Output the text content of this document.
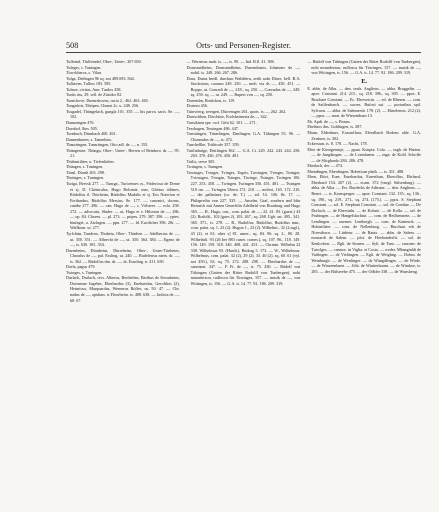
508	Orts- und Personen-Register.

Tulfeind, Tfulfeindel, Ober-, Unter-, 207.650.

Tuleges, s. Tuningen.

Tüwchheros, s. Vilau.

Tulga, Dedingen 96 sq. not 489.693. 844.

Tulhaven, Tulhos 183. 585.

Tulnoe, civitas, Ann. Tunlox 458.

Tunlo üss, 29. sell. de Züsidor 82.

Tuenchove, Duenrshoven, curia 2., 462. 463. 465.

Tungedoir, Tiböpen, Chneat 2c. u. 248. 256.

Tusgadel, Thüngelach, gungla 101. 355. — his parva. sacis. 8e. —, 102.

Dannoingen 476.

Dornhof, 8im. 505.

Turnbach, Dürnbach 400. 461.

Dannenhusen, s. Tannehim.

Thaurtingen, Tunsrtingen, Otto adl. de —, n. 155.

Thüngenise, Thüngu, Ober-, Unter-, Herren of Reinhow ds —, 95. 21.

Thühnstiltier, u. Tiefenhöfen.

Thüngen, s. Tuningen.

Tünsl, Dürnlt 265. 298.

Thrönges, s. Tuningen.

Turiga, Bervsk 277. — Tunrga., Turicenses cs., Fridericus de Dome et sj. D. Chötnrulus, Hugo Bolcmüt. mer, Glörius tölünes, Rüdolfus tl. Thörheim, Rüdolfus Madalis et sj. Eos Noterion et Forthardus, Rüdolfus Mersius, 8e. 177. — canonici, chorus, canibe 277. 286. — can. Hugo de —, s. Völsteer. — ecla. 258. 272. — advocatu, Sluder. — ut, Hugo et v. Hilseton de —, 28b. — op. 84. Choreu. — pl. 273. — pripes. 279. 387. 396. — yptes. hinfaget, a. Zarlugen. — ppn. 277. — ld. Eucdicher 396. 28r. — Wallborn. ut. 277.

Tyrfchün, Tundren, Thubeta, Ober-, Thürhen — Adelhertus de —, ut. 350. 351. — Albrecht de —, ut. 350. 364. 384. — Egeno de —, ts. 630. 381. 354.

Durenheim, Dürnheim, Dürreheim, Ober-, Unter-Türtheim, Chroalus de —, pul. Essling. ut. 240. — Rudelerrus mein. dr. —, ts. 362. — Rüdolfus dm. dr. —, dr. Essuling. n. 411. 650.

Dorla, pagus 479.

Twinges, s. Tuningen.

Durlach, Durlach, civs. Alberus, Berthelins, Berthus de Strsusheim, Dormense Ingeber, Eberhardus (3), Eneharidus, Gerolthos (2), Heinricus, Marquardus, Wernerus Röffer, us. 50. 47. — Chr. nadus de —, opidum. ts Floorheim. ts. 488. 638. — Judicia de —, 68. 67.

— Wernerus mulr. ts. —, ts. 90. — Ind. R.ll. 41. 386.

Dornsmidheim, Durnsmidheim, Duremthaim, Johannes de —, nobil. ts. 248. 266. 267. 286.

Dura, Dums Inedl. durchun Walddern, zedit aufn Dürre, bell. B.A. Stockstorn, caorum 249. 250. — moh. via ds —, 450. 451. — Boppo, ut. Conradi de —, 218., sq. 250. — Conradus de —, 249. sq. 250. sq. — ut. 249. — Rupert von —, sq. 250.

Durensbn, Bottickon, is. 119.

Dortern 456.

Tuinvöerg, nvergen, Dürrensgen 261, quots. ts —, 262. 262.

Durrschhen, Dörchüse, Erolsheimerta de—, 342.

Tunsilaten spe. cscl. Gtfn 62. 101. — 271.

Tessbagen, Tessingen 486. 447.

Tunstängen, Tünerlingen, Danlingen, G.A. Tübingen 55. 96. — Chunradus de —, ts. 472.

Tunchellbe, Trübicafe 357. 359.

Tuttlinhuige, Dettlingen 362. — G.A. Ct. 229. 242. 243. 244. 258. 263. 370. 436. 476. 450. 481.

Tutlis, serve 305.

Twüngen, s. Tanngen.

Tuwinges, Tvinger, Tvinges, Togeis, Tuwingen, Tvinges, Twinger, Tviinugen, Tvingin, Tuinges, Tiwinge, Twinger, Twingen 106. 227. 253. 458. — Twingen, Twimgen 356. 451. 481. — Twingen 510 cm. — Twingen Ubern 172. 210. — molest, 165. 172. 210. — der pallatines (co. de. T.) — sel. Ut. 106. 8e. 17. — Philaprethu von 227. 335. — Anselm, Graf, sondern and bhir Heinrich mit Annen Gmechlin Adelheid von Brauburg und Hugo 365. — H., Hugo, con., com. palat. de —, 22. 41. 83. (guest.) 43 (2). Rodolfi., 102 (gues 2), 103. 267., sq. 268. Ugh. sat. 495., 341. 365. 371., is. 278. — R., Rudolfus, Rüdolfus, Rudolfus mm., com. palat. sq. 1. 23 (2). Hugon 1., 23 (2). Wilhelmi., 32 (2.mgl.), 43 (2). et 63. ulter s] 81. unrer., sq. 84. 96. sq. 2., 80. 28. Wilhelmli. 93 (26 ber 883 cunet. comes.), sq. 107. 96., 118. 149. 156. 149. 159. 318. 340. 408. 441. 451. — Chrintn. Wilhelm 22 338. Wilhelmus 93. (Husdi.), Rüdorg 5. 173. — W., Wilhelmus. Wilhelmus, com. palat. 32 (2), 29 (2). 33. 40 (2). sq. 60. 61 (vyl. not 450.), 63. sq. 75. 272. 288. 298. — Eberhardus de —, canonear. 347. — F. Fr. de —, ts. 75. 430. — Rüdolf von Tübingen (Gatten der Ritter Rudolff von Tunbergen), nobi mrunderzon, rudloscu für Tüwinges, 157. — musik de —, von Wittingen, ts. 156. — G.A. tt. 14. 77. 92. 186. 209. 319.

— Rüdolf von Tübingen (Gatten der Ritter Rudolff von Tunbergen), nobi mrunderzon, rudloscu für Tüwinges, 157. — musik de —, von Wittingen, ts. 156. — G.A. tt. 14. 77. 92. 186. 209. 319.

E.

E. abbs. de Alba. — den. seals. Anglieus. — abba. Bruggelin. — apoe. Constant. 214. 215., sq. 218. 396., sq. 305. — ppos. E. Bruchaei Constant. — Ec. Ehreseicin. — ed. de Rhesen. — com. de Safilenbarch. — sucres. Rufcni sui. — portaribus spil. Sylvaon. — abba. de Salemersb. 178. (2). — Elmelensis. 212 (2). — ppos. — mon. de Wiesenthum 13.

Eb. Apdt. de —, s. Bonus.

Ebelinos dus. Gohlingen, ts. 287.

Ebam, Eldeuhurs, Ecasnrllura, Eferalbach Bodens ahle. G.A. Zeubroe, ts. 302.

Eckerstun, ts. 8. 178. — Nacht, 178.

Eber de Kirnigensuje, — ppun. Konpia. Colo. — sngh. de Harten. — de Jungdingen. — de Lvatnlunen. — rnga. de Kold. Schoffe — de Slicghardo 284. 286. 478.

Eberlach, der — 474.

Ebendingen, Eberdingen, Hobetican plath. — ts. 411. 488.

Eben, Ebiri, Euer, Eurehardus, Eurerthun, Eberolfus, Ebrhard, Eberhard 154. 207 (2). — ecam. 372 (vnrgl. Sülsenburg). — abba. de Alba. — Ers. Burdechs de Adirune. — den. Anglieus. — Benvt. — ts. Kronsperger. — apoe. Constant. 132. 135., sq. 136., sq. 190., sq. 219., 271., sq. 274. (175.). — ppos. S. Stephani Constant. — sol. E. Stephani Constant. — sol. de Combar. — De Dorlach, — de Ebersinln. — de Kohste. — de Kolla. — sel. de Frubingen. — de Hangelsluchtut. — com. de Heilhenstein. — de Lendingen. — ouerner. Lentbergh. — com. de Katnerok. — Hohenfitter. — com. de Nellenburg. — Burchust reh de Nivestborn. — Lürbeur. — de Rauts. — abbs. de Salem. — mostardt de Salem. — plot. de Hoehonderfit. — sol. de Kenlochen. — Bgli. de Stonen. — Sylt. de Tum. — canoner. de Tuiwlges. — cannox. in Viglia. et Costa. — weder. Mbangtaldt de Vaifingen. — de Viehingen. — Eglt. de Weighng. — Dohm. de Weinburgh. — de Wenlinger. — de Wüngdlinges. — de Wirde. — de Winzeenbaen. — Jöht. de Wintterhurnn. — de Wimhoe, ts. 285. — der Bülserebe 475. — der Odhler 338. — de Wunsheng.
